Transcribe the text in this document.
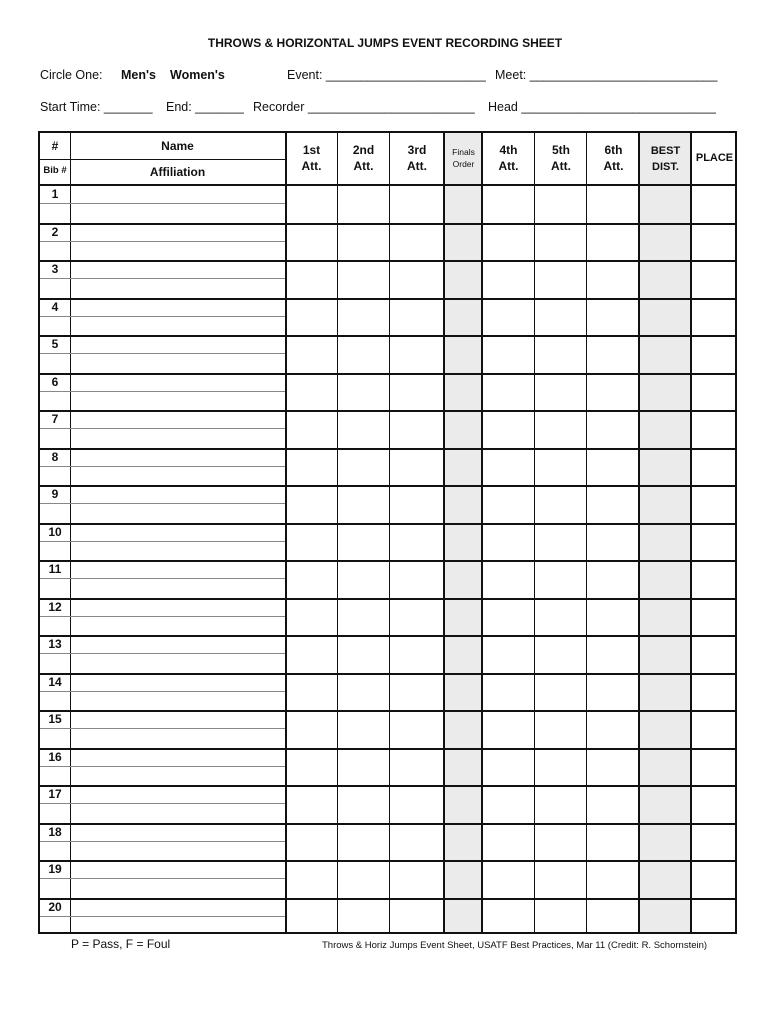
THROWS & HORIZONTAL JUMPS EVENT RECORDING SHEET
Circle One: Men's Women's	Event: _______________________ Meet: ___________________________
Start Time: _______ End: _______ Recorder ________________________ Head ____________________________
#
Bib #
Name
Affiliation
1st
Att.
2nd
Att.
3rd
Att.
Finals
Order
4th
Att.
5th
Att.
6th
Att.
BEST
DIST.
PLACE
1
2
3
4
5
6
7
8
9
10
11
12
13
14
15
16
17
18
19
20
P = Pass, F = Foul	Throws & Horiz Jumps Event Sheet, USATF Best Practices, Mar 11 (Credit: R. Schornstein)
